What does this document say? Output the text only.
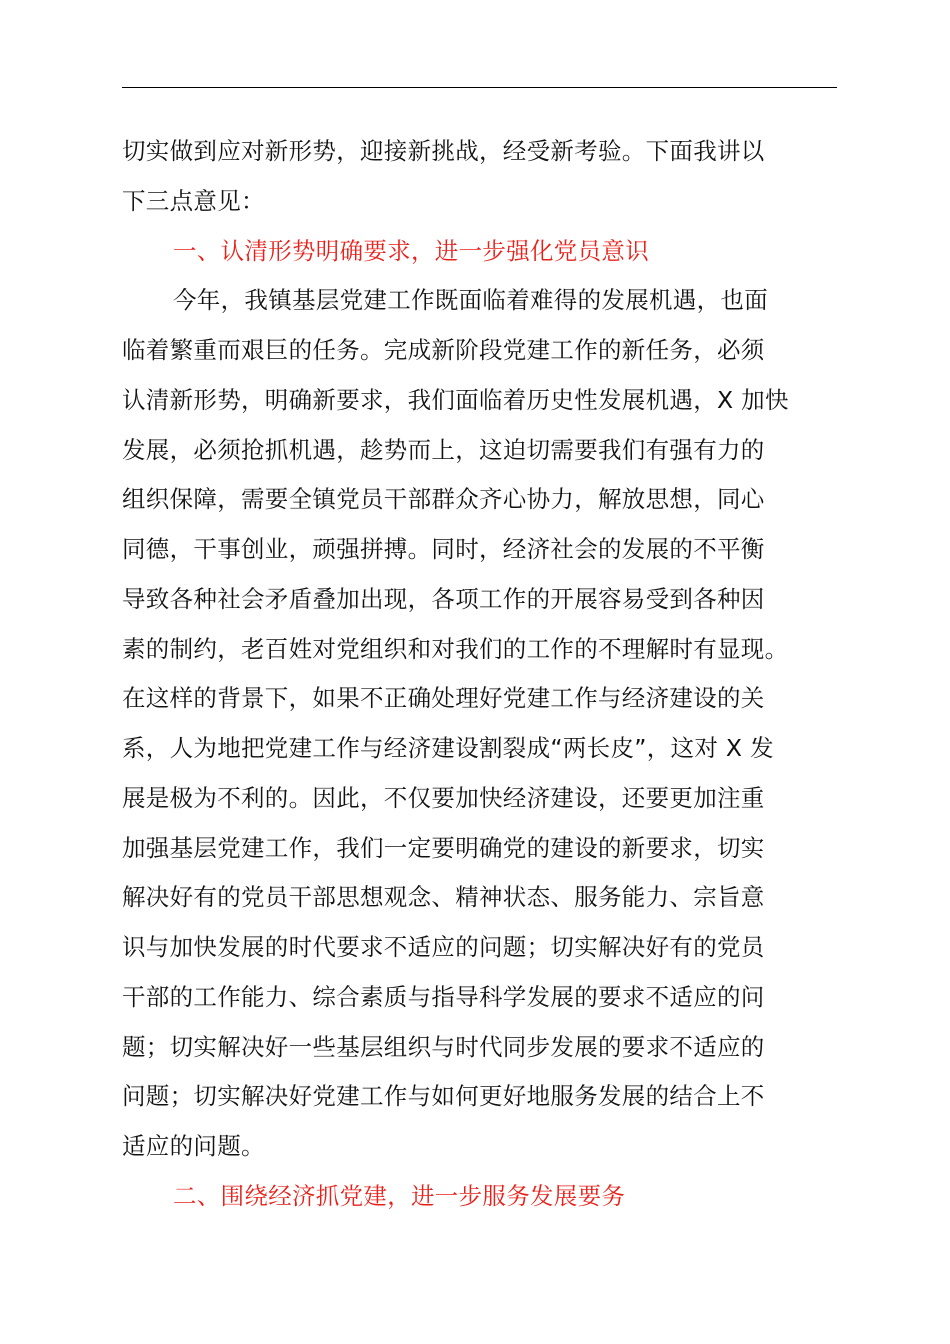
切实做到应对新形势，迎接新挑战，经受新考验。下面我讲以
下三点意见：
一、认清形势明确要求，进一步强化党员意识
今年，我镇基层党建工作既面临着难得的发展机遇，也面
临着繁重而艰巨的任务。完成新阶段党建工作的新任务，必须
认清新形势，明确新要求，我们面临着历史性发展机遇，X 加快
发展，必须抢抓机遇，趁势而上，这迫切需要我们有强有力的
组织保障，需要全镇党员干部群众齐心协力，解放思想，同心
同德，干事创业，顽强拼搏。同时，经济社会的发展的不平衡
导致各种社会矛盾叠加出现，各项工作的开展容易受到各种因
素的制约，老百姓对党组织和对我们的工作的不理解时有显现。
在这样的背景下，如果不正确处理好党建工作与经济建设的关
系，人为地把党建工作与经济建设割裂成“两长皮”，这对 X 发
展是极为不利的。因此，不仅要加快经济建设，还要更加注重
加强基层党建工作，我们一定要明确党的建设的新要求，切实
解决好有的党员干部思想观念、精神状态、服务能力、宗旨意
识与加快发展的时代要求不适应的问题；切实解决好有的党员
干部的工作能力、综合素质与指导科学发展的要求不适应的问
题；切实解决好一些基层组织与时代同步发展的要求不适应的
问题；切实解决好党建工作与如何更好地服务发展的结合上不
适应的问题。
二、围绕经济抓党建，进一步服务发展要务
